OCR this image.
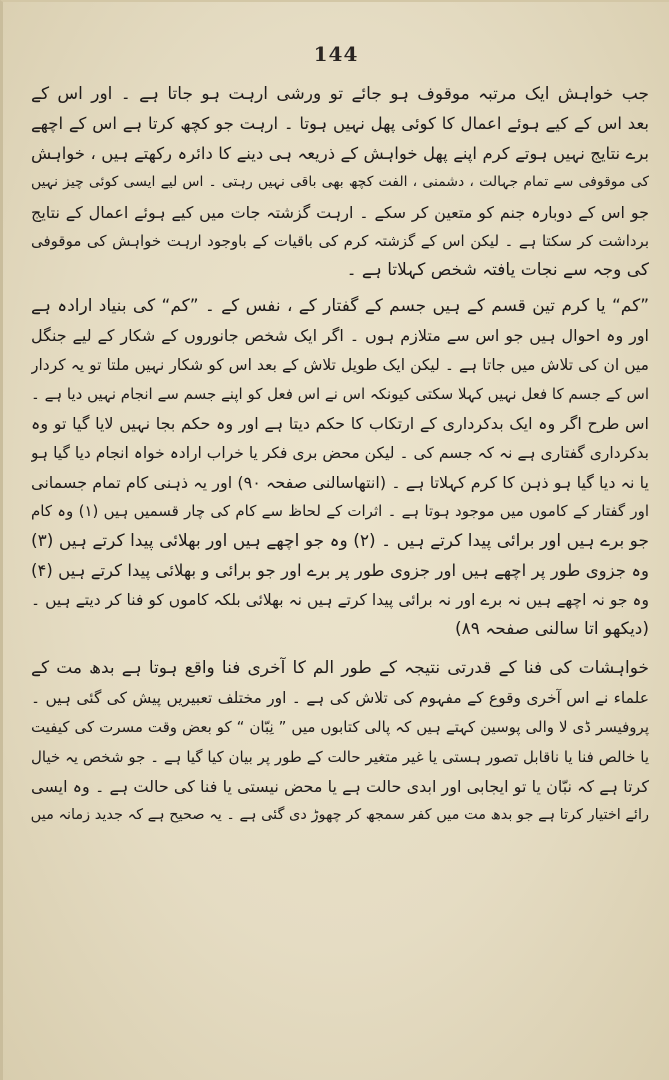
144
جب خواہش ایک مرتبہ موقوف ہو جائے تو ورشی ارہت ہو جاتا ہے ۔ اور اس کے
بعد اس کے کیے ہوئے اعمال کا کوئی پھل نہیں ہوتا ۔ ارہت جو کچھ کرتا ہے اس کے اچھے
برے نتایج نہیں ہوتے کرم اپنے پھل خواہش کے ذریعہ ہی دینے کا دائرہ رکھتے ہیں ، خواہش
کی موقوفی سے تمام جہالت ، دشمنی ، الفت کچھ بھی باقی نہیں رہتی ۔ اس لیے ایسی کوئی چیز نہیں
جو اس کے دوبارہ جنم کو متعین کر سکے ۔ ارہت گزشتہ جات میں کیے ہوئے اعمال کے نتایج
برداشت کر سکتا ہے ۔ لیکن اس کے گزشتہ کرم کی باقیات کے باوجود ارہت خواہش کی موقوفی
کی وجہ سے نجات یافتہ شخص کہلاتا ہے ۔
”کم“ یا کرم تین قسم کے ہیں جسم کے گفتار کے ، نفس کے ۔ ”کم“ کی بنیاد ارادہ ہے
اور وہ احوال ہیں جو اس سے متلازم ہوں ۔ اگر ایک شخص جانوروں کے شکار کے لیے جنگل
میں ان کی تلاش میں جاتا ہے ۔ لیکن ایک طویل تلاش کے بعد اس کو شکار نہیں ملتا تو یہ کردار
اس کے جسم کا فعل نہیں کہلا سکتی کیونکہ اس نے اس فعل کو اپنے جسم سے انجام نہیں دیا ہے ۔
اس طرح اگر وہ ایک بدکرداری کے ارتکاب کا حکم دیتا ہے اور وہ حکم بجا نہیں لایا گیا تو وہ
بدکرداری گفتاری ہے نہ کہ جسم کی ۔ لیکن محض بری فکر یا خراب ارادہ خواہ انجام دیا گیا ہو
یا نہ دیا گیا ہو ذہن کا کرم کہلاتا ہے ۔ (انتھاسالنی صفحہ ۹۰) اور یہ ذہنی کام تمام جسمانی
اور گفتار کے کاموں میں موجود ہوتا ہے ۔ اثرات کے لحاظ سے کام کی چار قسمیں ہیں (۱) وہ کام
جو برے ہیں اور برائی پیدا کرتے ہیں ۔ (۲) وہ جو اچھے ہیں اور بھلائی پیدا کرتے ہیں (۳)
وہ جزوی طور پر اچھے ہیں اور جزوی طور پر برے اور جو برائی و بھلائی پیدا کرتے ہیں (۴)
وہ جو نہ اچھے ہیں نہ برے اور نہ برائی پیدا کرتے ہیں نہ بھلائی بلکہ کاموں کو فنا کر دیتے ہیں ۔
(دیکھو اتا سالنی صفحہ ۸۹)
خواہشات کی فنا کے قدرتی نتیجہ کے طور الم کا آخری فنا واقع ہوتا ہے بدھ مت کے
علماء نے اس آخری وقوع کے مفہوم کی تلاش کی ہے ۔ اور مختلف تعبیریں پیش کی گئی ہیں ۔
پروفیسر ڈی لا والی پوسین کہتے ہیں کہ پالی کتابوں میں ” نِبّان “ کو بعض وقت مسرت کی کیفیت
یا خالص فنا یا ناقابل تصور ہستی یا غیر متغیر حالت کے طور پر بیان کیا گیا ہے ۔ جو شخص یہ خیال
کرتا ہے کہ نبّان یا تو ایجابی اور ابدی حالت ہے یا محض نیستی یا فنا کی حالت ہے ۔ وہ ایسی
رائے اختیار کرتا ہے جو بدھ مت میں کفر سمجھ کر چھوڑ دی گئی ہے ۔ یہ صحیح ہے کہ جدید زمانہ میں
